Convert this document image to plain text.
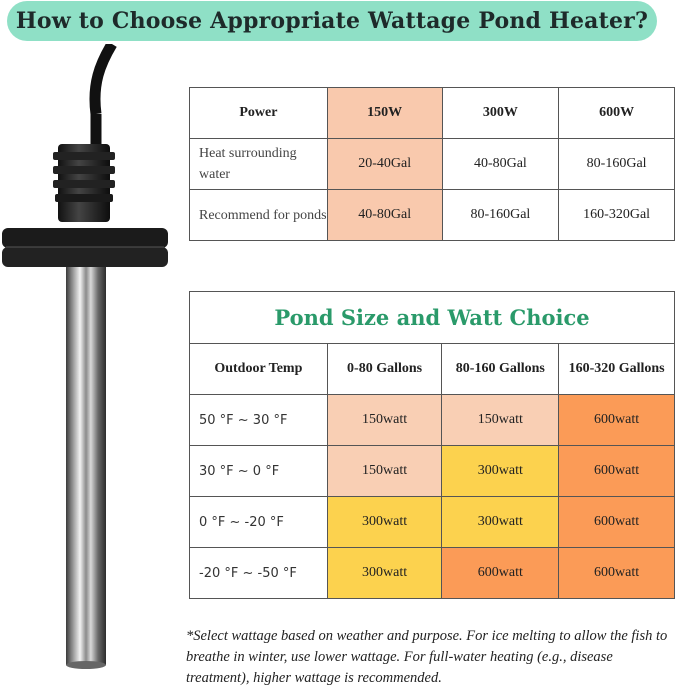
How to Choose Appropriate Wattage Pond Heater?
Power	150W	300W	600W
Heat surrounding water	20-40Gal	40-80Gal	80-160Gal
Recommend for ponds	40-80Gal	80-160Gal	160-320Gal
Pond Size and Watt Choice			
Outdoor Temp	0-80 Gallons	80-160 Gallons	160-320 Gallons
50 °F ~ 30 °F	150watt	150watt	600watt
30 °F ~ 0 °F	150watt	300watt	600watt
0 °F ~ -20 °F	300watt	300watt	600watt
-20 °F ~ -50 °F	300watt	600watt	600watt
*Select wattage based on weather and purpose. For ice melting to allow the fish to breathe in winter, use lower wattage. For full-water heating (e.g., disease treatment), higher wattage is recommended.
